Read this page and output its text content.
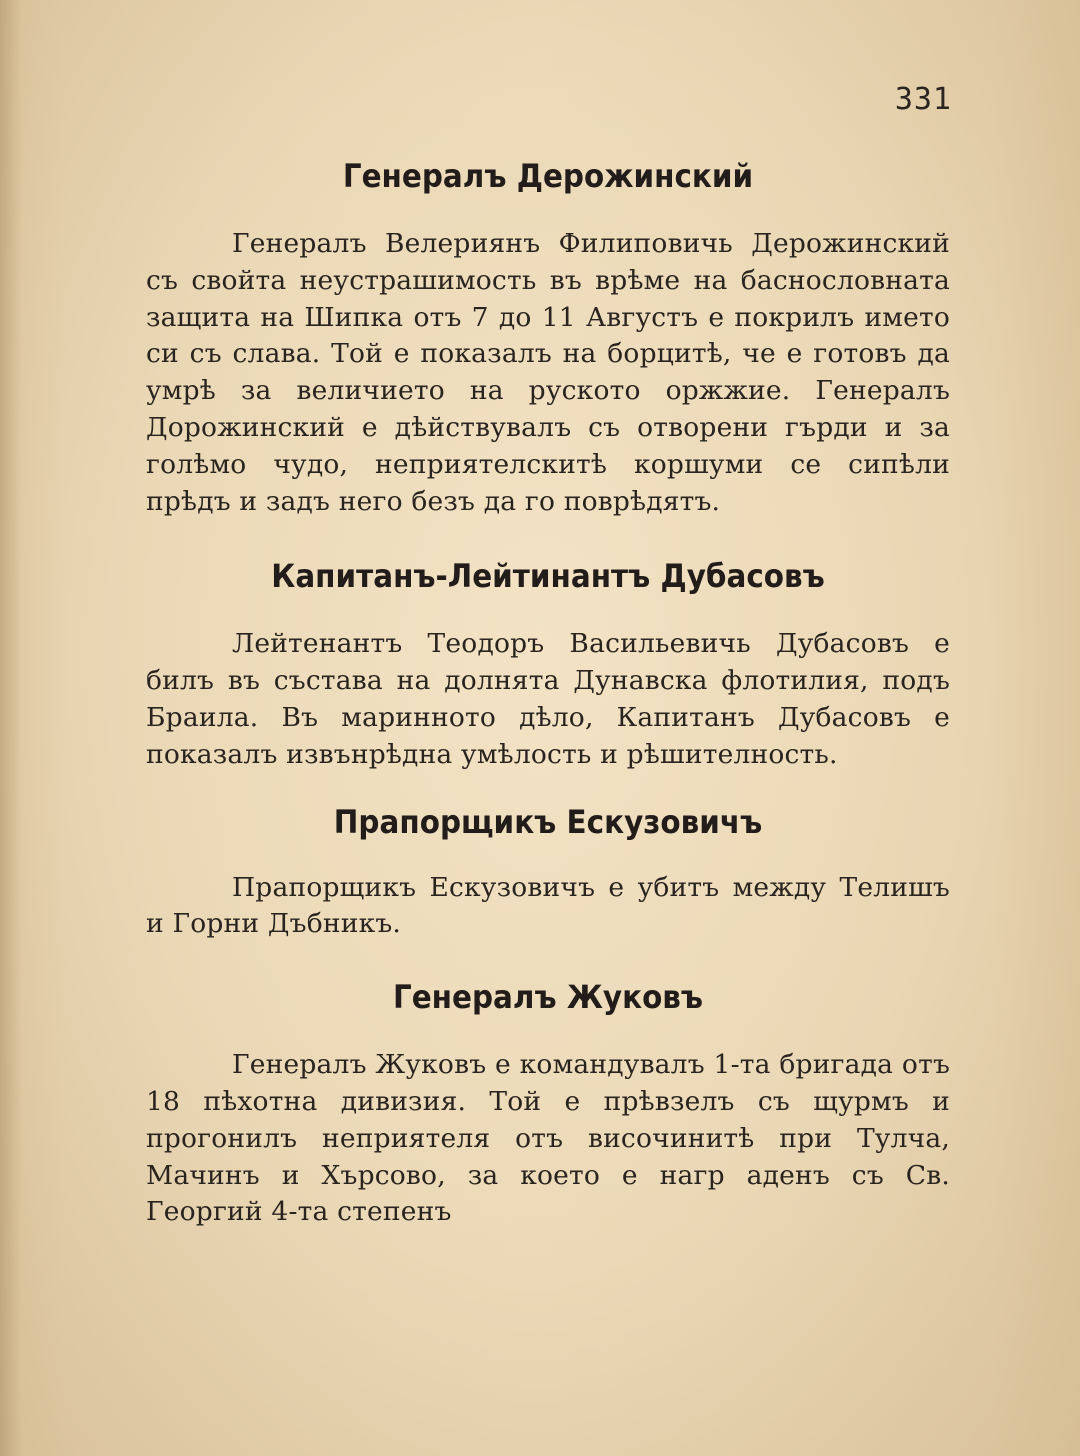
331
Генералъ Дерожинский

Генералъ Велериянъ Филиповичь Дерожинский съ свойта неустрашимость въ врѣме на баснословната защита на Шипка отъ 7 до 11 Августъ е покрилъ името си съ слава. Той е показалъ на борцитѣ, че е готовъ да умрѣ за величието на руското оржжие. Генералъ Дорожинский е дѣйствувалъ съ отворени гърди и за голѣмо чудо, неприятелскитѣ коршуми се сипѣли прѣдъ и задъ него безъ да го поврѣдятъ.

Капитанъ-Лейтинантъ Дубасовъ

Лейтенантъ Теодоръ Васильевичь Дубасовъ е билъ въ състава на долнята Дунавска флотилия, подъ Браила. Въ маринното дѣло, Капитанъ Дубасовъ е показалъ извънрѣдна умѣлость и рѣшителность.

Прапорщикъ Ескузовичъ

Прапорщикъ Ескузовичъ е убитъ между Телишъ и Горни Дъбникъ.

Генералъ Жуковъ

Генералъ Жуковъ е командувалъ 1-та бригада отъ 18 пѣхотна дивизия. Той е прѣвзелъ съ щурмъ и прогонилъ неприятеля отъ височинитѣ при Тулча, Мачинъ и Хърсово, за което е нагр аденъ съ Св. Георгий 4-та степенъ
